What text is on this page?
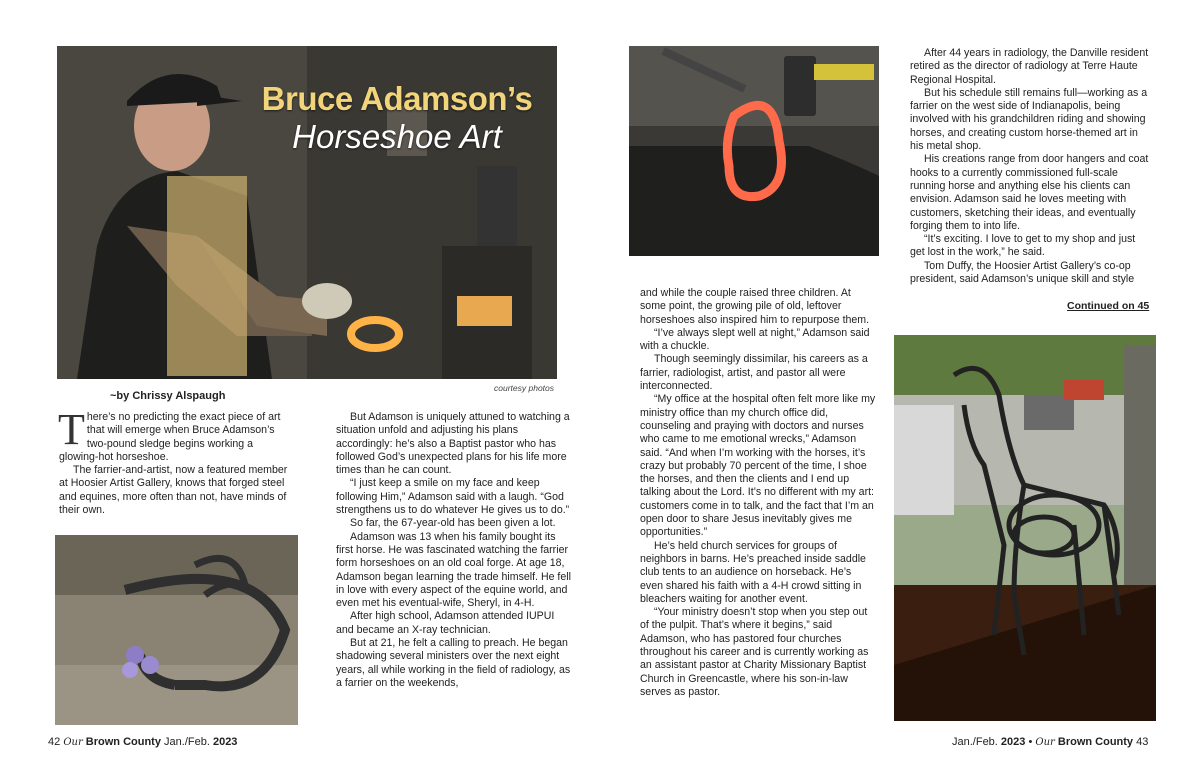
Bruce Adamson’s
Horseshoe Art
~by Chrissy Alspaugh
courtesy photos

There’s no predicting the exact piece of art that will emerge when Bruce Adamson’s two-pound sledge begins working a glowing-hot horseshoe.

The farrier-and-artist, now a featured member at Hoosier Artist Gallery, knows that forged steel and equines, more often than not, have minds of their own.

But Adamson is uniquely attuned to watching a situation unfold and adjusting his plans accordingly: he’s also a Baptist pastor who has followed God’s unexpected plans for his life more times than he can count.

“I just keep a smile on my face and keep following Him,” Adamson said with a laugh. “God strengthens us to do whatever He gives us to do.”

So far, the 67-year-old has been given a lot.

Adamson was 13 when his family bought its first horse. He was fascinated watching the farrier form horseshoes on an old coal forge. At age 18, Adamson began learning the trade himself. He fell in love with every aspect of the equine world, and even met his eventual-wife, Sheryl, in 4-H.

After high school, Adamson attended IUPUI and became an X-ray technician.

But at 21, he felt a calling to preach. He began shadowing several ministers over the next eight years, all while working in the field of radiology, as a farrier on the weekends,

42 Our Brown County Jan./Feb. 2023

and while the couple raised three children. At some point, the growing pile of old, leftover horseshoes also inspired him to repurpose them.

“I’ve always slept well at night,” Adamson said with a chuckle.

Though seemingly dissimilar, his careers as a farrier, radiologist, artist, and pastor all were interconnected.

“My office at the hospital often felt more like my ministry office than my church office did, counseling and praying with doctors and nurses who came to me emotional wrecks,” Adamson said. “And when I’m working with the horses, it’s crazy but probably 70 percent of the time, I shoe the horses, and then the clients and I end up talking about the Lord. It’s no different with my art: customers come in to talk, and the fact that I’m an open door to share Jesus inevitably gives me opportunities.”

He’s held church services for groups of neighbors in barns. He’s preached inside saddle club tents to an audience on horseback. He’s even shared his faith with a 4-H crowd sitting in bleachers waiting for another event.

“Your ministry doesn’t stop when you step out of the pulpit. That’s where it begins,” said Adamson, who has pastored four churches throughout his career and is currently working as an assistant pastor at Charity Missionary Baptist Church in Greencastle, where his son-in-law serves as pastor.

After 44 years in radiology, the Danville resident retired as the director of radiology at Terre Haute Regional Hospital.

But his schedule still remains full—working as a farrier on the west side of Indianapolis, being involved with his grandchildren riding and showing horses, and creating custom horse-themed art in his metal shop.

His creations range from door hangers and coat hooks to a currently commissioned full-scale running horse and anything else his clients can envision. Adamson said he loves meeting with customers, sketching their ideas, and eventually forging them to into life.

“It’s exciting. I love to get to my shop and just get lost in the work,” he said.

Tom Duffy, the Hoosier Artist Gallery’s co-op president, said Adamson’s unique skill and style

Continued on 45
Jan./Feb. 2023 • Our Brown County 43
